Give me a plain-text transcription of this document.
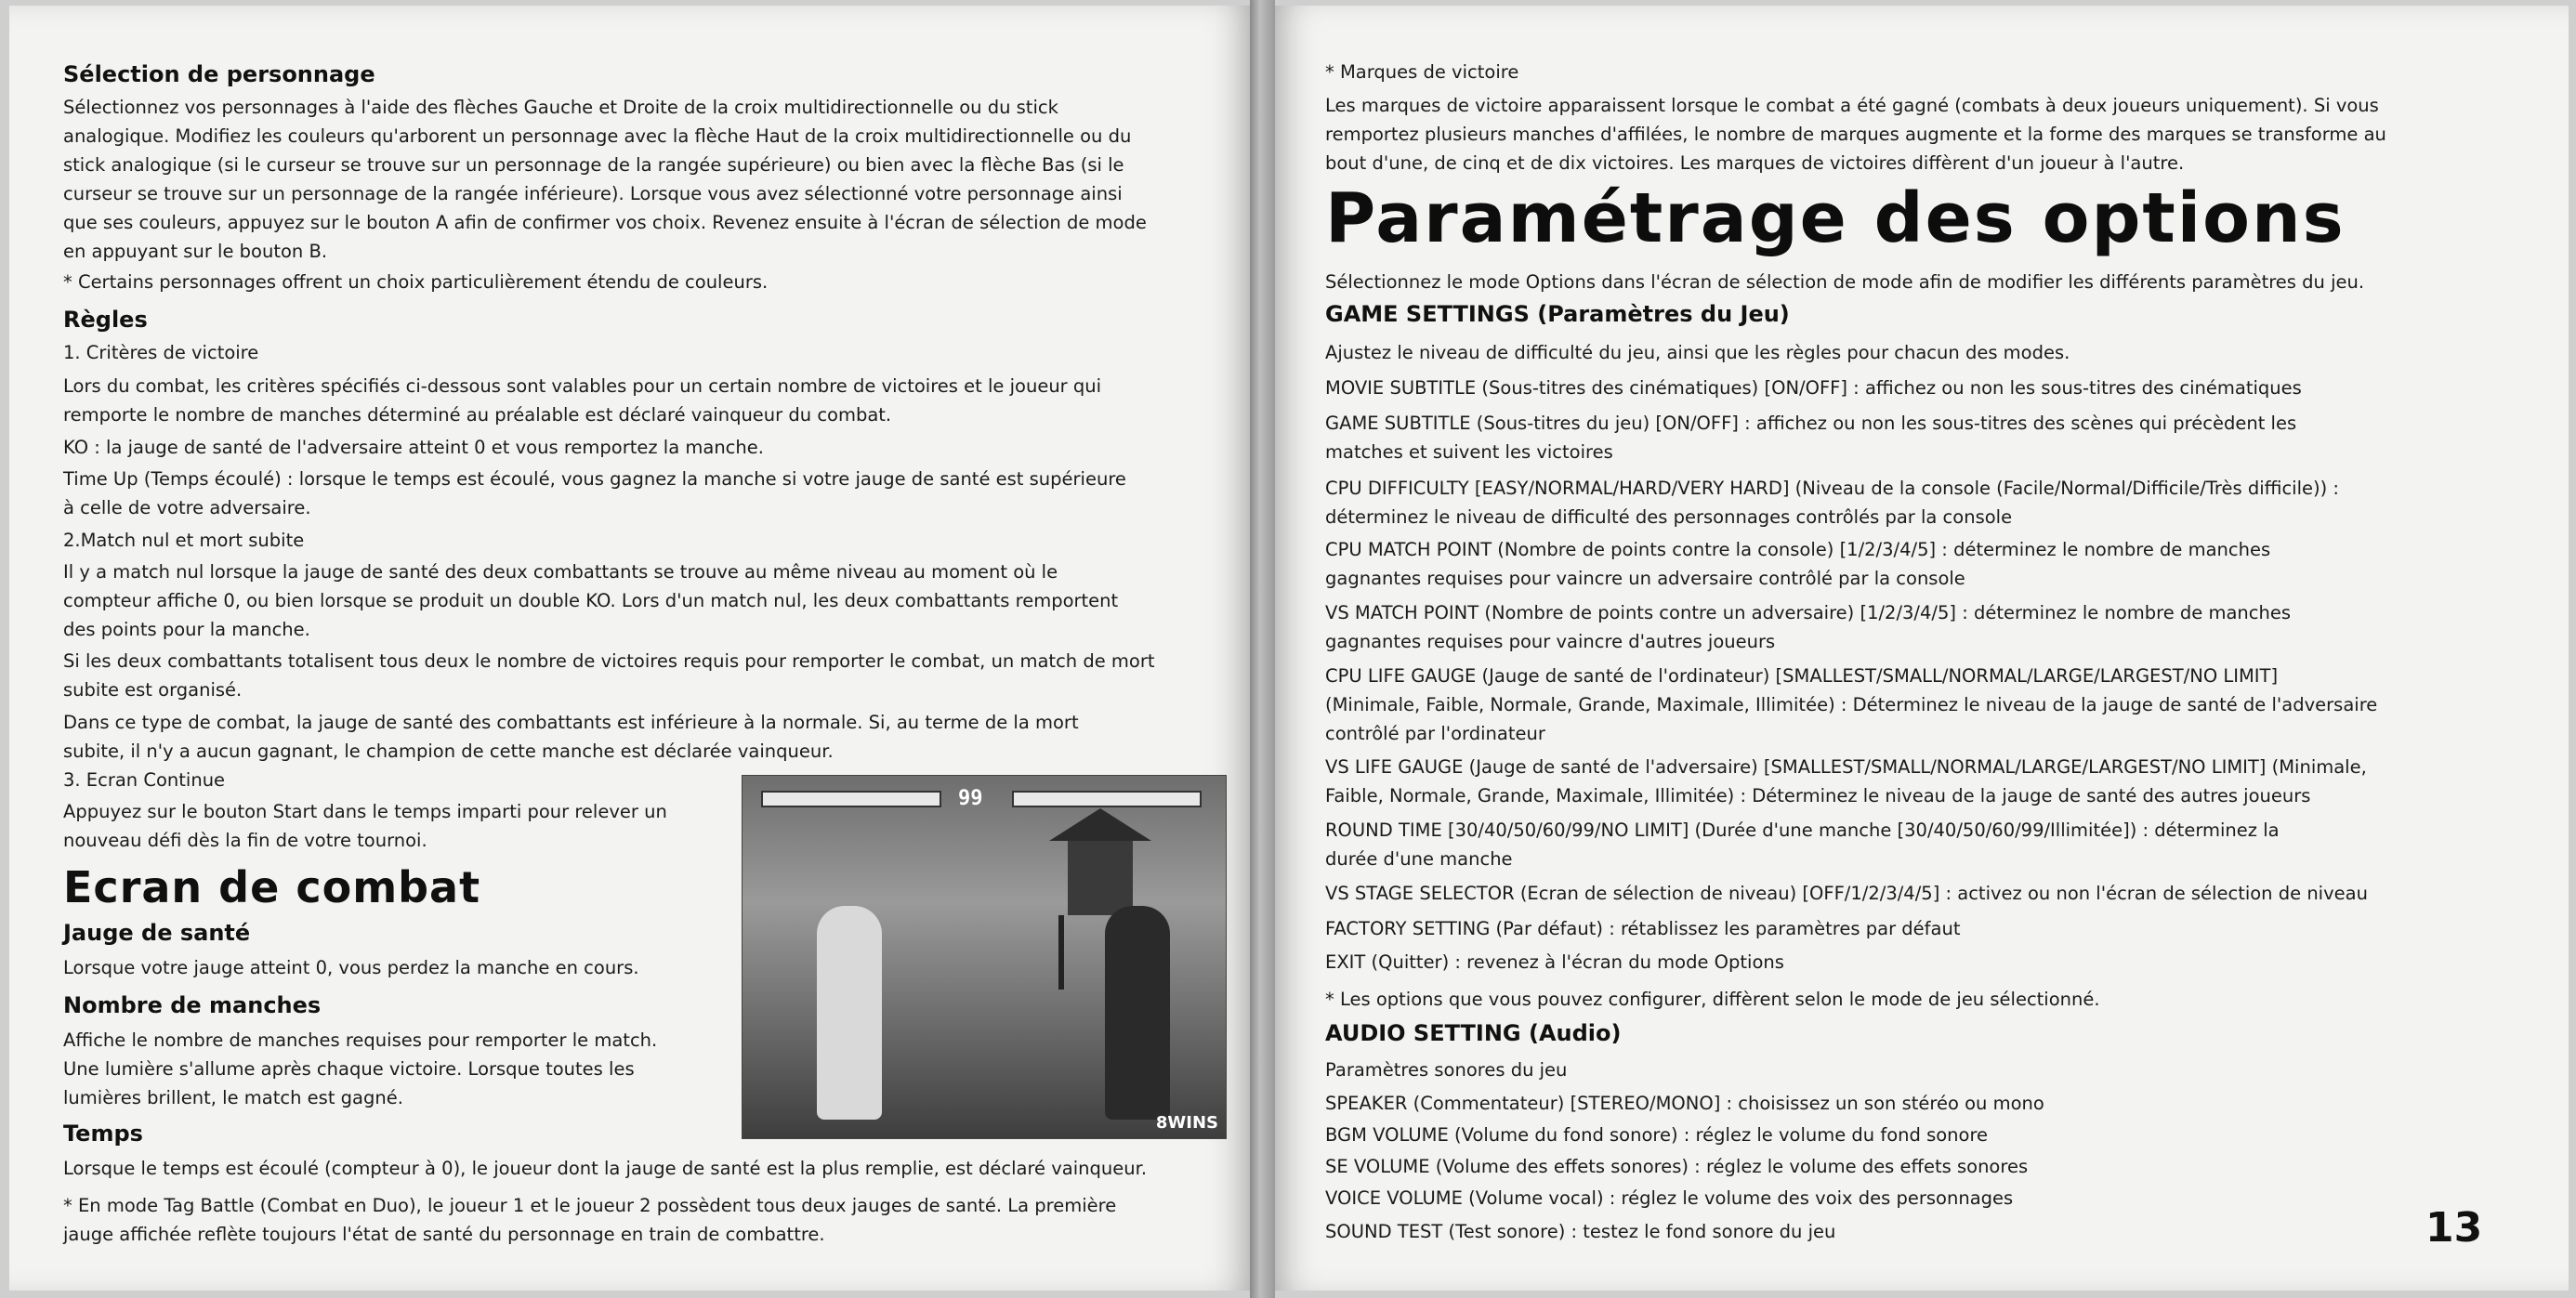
Sélection de personnage
Sélectionnez vos personnages à l'aide des flèches Gauche et Droite de la croix multidirectionnelle ou du stick
analogique. Modifiez les couleurs qu'arborent un personnage avec la flèche Haut de la croix multidirectionnelle ou du
stick analogique (si le curseur se trouve sur un personnage de la rangée supérieure) ou bien avec la flèche Bas (si le
curseur se trouve sur un personnage de la rangée inférieure). Lorsque vous avez sélectionné votre personnage ainsi
que ses couleurs, appuyez sur le bouton A afin de confirmer vos choix. Revenez ensuite à l'écran de sélection de mode
en appuyant sur le bouton B.
* Certains personnages offrent un choix particulièrement étendu de couleurs.
Règles
1. Critères de victoire
Lors du combat, les critères spécifiés ci-dessous sont valables pour un certain nombre de victoires et le joueur qui
remporte le nombre de manches déterminé au préalable est déclaré vainqueur du combat.
KO : la jauge de santé de l'adversaire atteint 0 et vous remportez la manche.
Time Up (Temps écoulé) : lorsque le temps est écoulé, vous gagnez la manche si votre jauge de santé est supérieure
à celle de votre adversaire.
2.Match nul et mort subite
Il y a match nul lorsque la jauge de santé des deux combattants se trouve au même niveau au moment où le
compteur affiche 0, ou bien lorsque se produit un double KO. Lors d'un match nul, les deux combattants remportent
des points pour la manche.
Si les deux combattants totalisent tous deux le nombre de victoires requis pour remporter le combat, un match de mort
subite est organisé.
Dans ce type de combat, la jauge de santé des combattants est inférieure à la normale. Si, au terme de la mort
subite, il n'y a aucun gagnant, le champion de cette manche est déclarée vainqueur.
3. Ecran Continue
Appuyez sur le bouton Start dans le temps imparti pour relever un
nouveau défi dès la fin de votre tournoi.
Ecran de combat
Jauge de santé
Lorsque votre jauge atteint 0, vous perdez la manche en cours.
Nombre de manches
Affiche le nombre de manches requises pour remporter le match.
Une lumière s'allume après chaque victoire. Lorsque toutes les
lumières brillent, le match est gagné.
Temps
Lorsque le temps est écoulé (compteur à 0), le joueur dont la jauge de santé est la plus remplie, est déclaré vainqueur.
* En mode Tag Battle (Combat en Duo), le joueur 1 et le joueur 2 possèdent tous deux jauges de santé. La première
jauge affichée reflète toujours l'état de santé du personnage en train de combattre.
99
8WINS
* Marques de victoire
Les marques de victoire apparaissent lorsque le combat a été gagné (combats à deux joueurs uniquement). Si vous
remportez plusieurs manches d'affilées, le nombre de marques augmente et la forme des marques se transforme au
bout d'une, de cinq et de dix victoires. Les marques de victoires diffèrent d'un joueur à l'autre.
Paramétrage des options
Sélectionnez le mode Options dans l'écran de sélection de mode afin de modifier les différents paramètres du jeu.
GAME SETTINGS (Paramètres du Jeu)
Ajustez le niveau de difficulté du jeu, ainsi que les règles pour chacun des modes.
MOVIE SUBTITLE (Sous-titres des cinématiques) [ON/OFF] : affichez ou non les sous-titres des cinématiques
GAME SUBTITLE (Sous-titres du jeu) [ON/OFF] : affichez ou non les sous-titres des scènes qui précèdent les
matches et suivent les victoires
CPU DIFFICULTY [EASY/NORMAL/HARD/VERY HARD] (Niveau de la console (Facile/Normal/Difficile/Très difficile)) :
déterminez le niveau de difficulté des personnages contrôlés par la console
CPU MATCH POINT (Nombre de points contre la console) [1/2/3/4/5] : déterminez le nombre de manches
gagnantes requises pour vaincre un adversaire contrôlé par la console
VS MATCH POINT (Nombre de points contre un adversaire) [1/2/3/4/5] : déterminez le nombre de manches
gagnantes requises pour vaincre d'autres joueurs
CPU LIFE GAUGE (Jauge de santé de l'ordinateur) [SMALLEST/SMALL/NORMAL/LARGE/LARGEST/NO LIMIT]
(Minimale, Faible, Normale, Grande, Maximale, Illimitée) : Déterminez le niveau de la jauge de santé de l'adversaire
contrôlé par l'ordinateur
VS LIFE GAUGE (Jauge de santé de l'adversaire) [SMALLEST/SMALL/NORMAL/LARGE/LARGEST/NO LIMIT] (Minimale,
Faible, Normale, Grande, Maximale, Illimitée) : Déterminez le niveau de la jauge de santé des autres joueurs
ROUND TIME [30/40/50/60/99/NO LIMIT] (Durée d'une manche [30/40/50/60/99/Illimitée]) : déterminez la
durée d'une manche
VS STAGE SELECTOR (Ecran de sélection de niveau) [OFF/1/2/3/4/5] : activez ou non l'écran de sélection de niveau
FACTORY SETTING (Par défaut) : rétablissez les paramètres par défaut
EXIT (Quitter) : revenez à l'écran du mode Options
* Les options que vous pouvez configurer, diffèrent selon le mode de jeu sélectionné.
AUDIO SETTING (Audio)
Paramètres sonores du jeu
SPEAKER (Commentateur) [STEREO/MONO] : choisissez un son stéréo ou mono
BGM VOLUME (Volume du fond sonore) : réglez le volume du fond sonore
SE VOLUME (Volume des effets sonores) : réglez le volume des effets sonores
VOICE VOLUME (Volume vocal) : réglez le volume des voix des personnages
SOUND TEST (Test sonore) : testez le fond sonore du jeu	13
